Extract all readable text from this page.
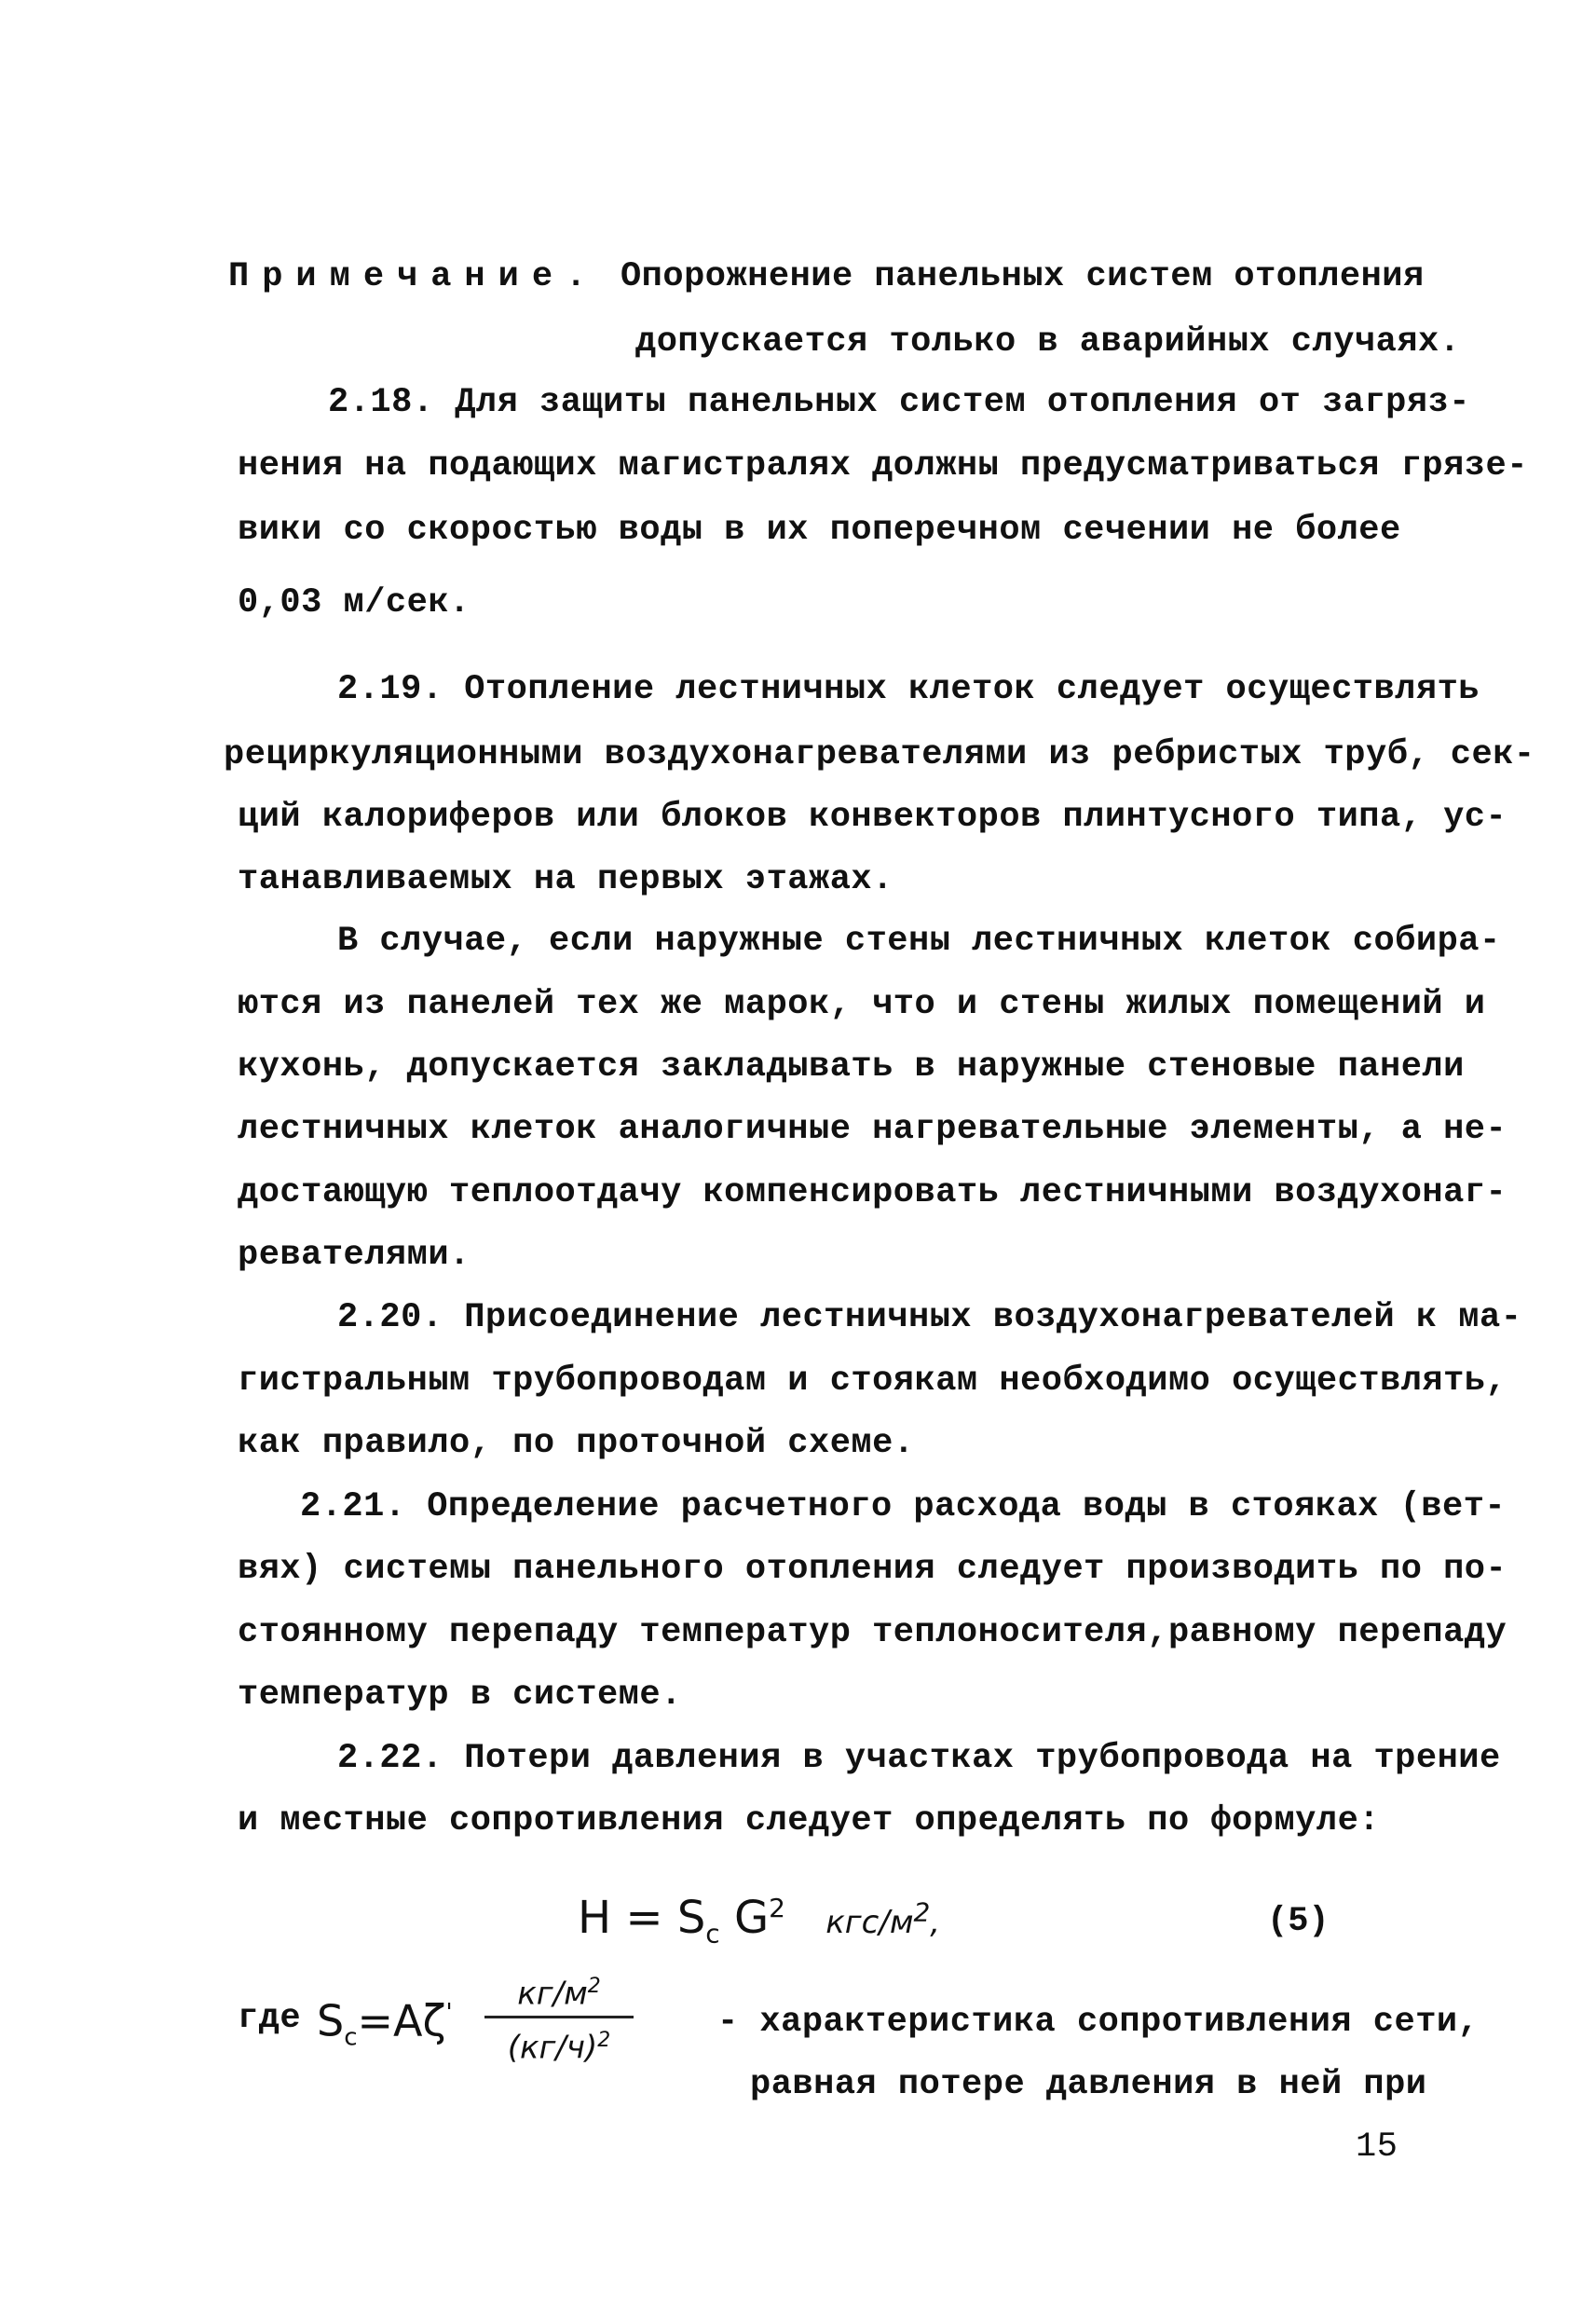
Примечание. Опорожнение панельных систем отопления
допускается только в аварийных случаях.
2.18. Для защиты панельных систем отопления от загряз-
нения на подающих магистралях должны предусматриваться грязе-
вики со скоростью воды в их поперечном сечении не более
0,03 м/сек.
2.19. Отопление лестничных клеток следует осуществлять
рециркуляционными воздухонагревателями из ребристых труб, сек-
ций калориферов или блоков конвекторов плинтусного типа, ус-
танавливаемых на первых этажах.
В случае, если наружные стены лестничных клеток собира-
ются из панелей тех же марок, что и стены жилых помещений и
кухонь, допускается закладывать в наружные стеновые панели
лестничных клеток аналогичные нагревательные элементы, а не-
достающую теплоотдачу компенсировать лестничными воздухонаг-
ревателями.
2.20. Присоединение лестничных воздухонагревателей к ма-
гистральным трубопроводам и стоякам необходимо осуществлять,
как правило, по проточной схеме.
2.21. Определение расчетного расхода воды в стояках (вет-
вях) системы панельного отопления следует производить по по-
стоянному перепаду температур теплоносителя,равному перепаду
температур в системе.
2.22. Потери давления в участках трубопровода на трение
и местные сопротивления следует определять по формуле:
$H = S_c$ $G^2$ кгс/$м^2$,	(5)
где $S_c=A\zeta'$
$кг/м^2$
$(кг/ч)^2$	- характеристика сопротивления сети,
равная потере давления в ней при
15
